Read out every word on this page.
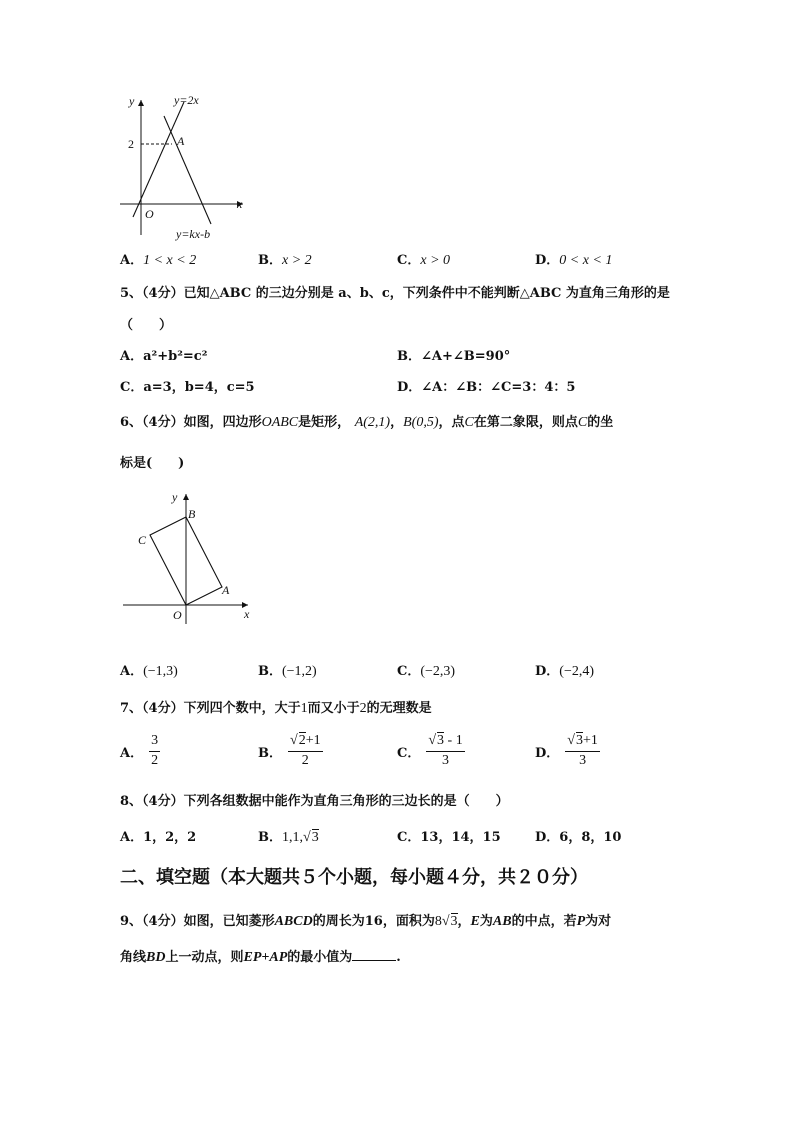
y
x
O
2	A
y=2x
y=kx-b
A．1 < x < 2	B．x > 2	C．x > 0	D．0 < x < 1
5、（4分）已知△ABC 的三边分别是 a、b、c，下列条件中不能判断△ABC 为直角三角形的是
（　　）
A．a²+b²=c²	B．∠A+∠B=90°
C．a=3，b=4，c=5	D．∠A：∠B：∠C=3：4：5
6、（4分）如图，四边形OABC是矩形， A(2,1)，B(0,5)，点C在第二象限，则点C的坐
标是(　　)
y
x
B
C
A
O
A．(−1,3)	B．(−1,2)	C．(−2,3)	D．(−2,4)
7、（4分）下列四个数中，大于1而又小于2的无理数是
A． $\frac{3}{2}$	B． $\frac{√2+1}{2}$	C． $\frac{√3 - 1}{3}$	D． $\frac{√3+1}{3}$
8、（4分）下列各组数据中能作为直角三角形的三边长的是（　　）
A．1，2，2	B．1,1,√3	C．13，14，15	D．6，8，10
二、填空题（本大题共５个小题，每小题４分，共２０分）
9、（4分）如图，已知菱形ABCD的周长为16，面积为8√3，E为AB的中点，若P为对
角线BD上一动点，则EP+AP的最小值为	.
